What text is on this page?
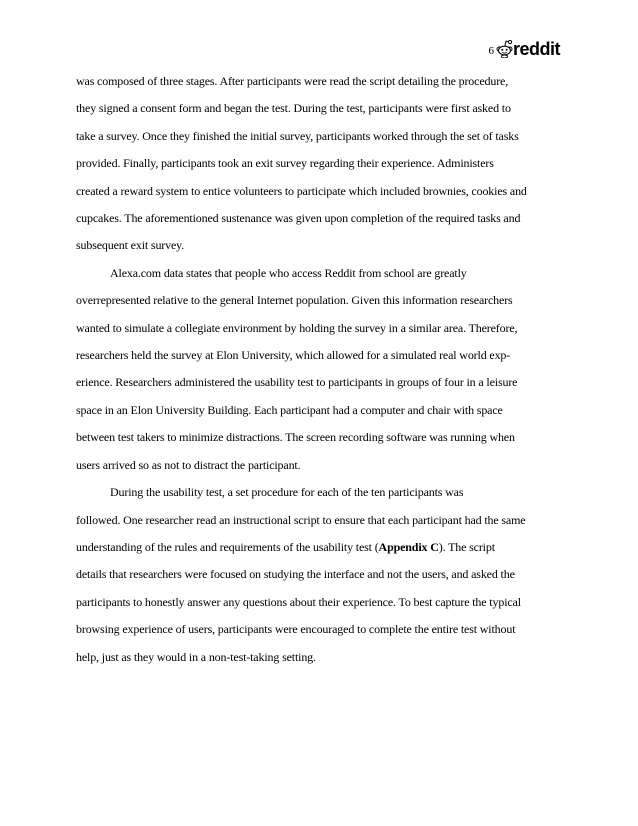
6 reddit

was composed of three stages. After participants were read the script detailing the procedure,
they signed a consent form and began the test. During the test, participants were first asked to
take a survey. Once they finished the initial survey, participants worked through the set of tasks
provided. Finally, participants took an exit survey regarding their experience. Administers
created a reward system to entice volunteers to participate which included brownies, cookies and
cupcakes. The aforementioned sustenance was given upon completion of the required tasks and
subsequent exit survey.

Alexa.com data states that people who access Reddit from school are greatly
overrepresented relative to the general Internet population. Given this information researchers
wanted to simulate a collegiate environment by holding the survey in a similar area. Therefore,
researchers held the survey at Elon University, which allowed for a simulated real world exp-
erience. Researchers administered the usability test to participants in groups of four in a leisure
space in an Elon University Building. Each participant had a computer and chair with space
between test takers to minimize distractions. The screen recording software was running when
users arrived so as not to distract the participant.

During the usability test, a set procedure for each of the ten participants was
followed. One researcher read an instructional script to ensure that each participant had the same
understanding of the rules and requirements of the usability test (Appendix C). The script
details that researchers were focused on studying the interface and not the users, and asked the
participants to honestly answer any questions about their experience. To best capture the typical
browsing experience of users, participants were encouraged to complete the entire test without
help, just as they would in a non-test-taking setting.
